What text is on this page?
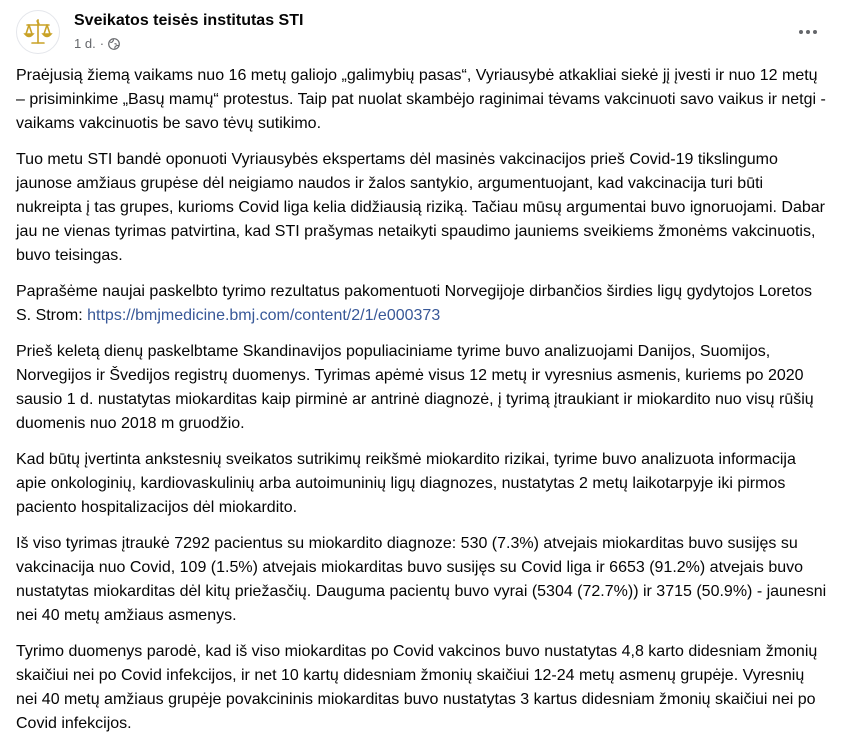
Sveikatos teisės institutas STI
1 d. ·

Praėjusią žiemą vaikams nuo 16 metų galiojo „galimybių pasas“, Vyriausybė atkakliai siekė jį įvesti ir nuo 12 metų – prisiminkime „Basų mamų“ protestus. Taip pat nuolat skambėjo raginimai tėvams vakcinuoti savo vaikus ir netgi - vaikams vakcinuotis be savo tėvų sutikimo.

Tuo metu STI bandė oponuoti Vyriausybės ekspertams dėl masinės vakcinacijos prieš Covid-19 tikslingumo jaunose amžiaus grupėse dėl neigiamo naudos ir žalos santykio, argumentuojant, kad vakcinacija turi būti nukreipta į tas grupes, kurioms Covid liga kelia didžiausią riziką. Tačiau mūsų argumentai buvo ignoruojami. Dabar jau ne vienas tyrimas patvirtina, kad STI prašymas netaikyti spaudimo jauniems sveikiems žmonėms vakcinuotis, buvo teisingas.

Paprašėme naujai paskelbto tyrimo rezultatus pakomentuoti Norvegijoje dirbančios širdies ligų gydytojos Loretos S. Strom: https://bmjmedicine.bmj.com/content/2/1/e000373

Prieš keletą dienų paskelbtame Skandinavijos populiaciniame tyrime buvo analizuojami Danijos, Suomijos, Norvegijos ir Švedijos registrų duomenys. Tyrimas apėmė visus 12 metų ir vyresnius asmenis, kuriems po 2020 sausio 1 d. nustatytas miokarditas kaip pirminė ar antrinė diagnozė, į tyrimą įtraukiant ir miokardito nuo visų rūšių duomenis nuo 2018 m gruodžio.

Kad būtų įvertinta ankstesnių sveikatos sutrikimų reikšmė miokardito rizikai, tyrime buvo analizuota informacija apie onkologinių, kardiovaskulinių arba autoimuninių ligų diagnozes, nustatytas 2 metų laikotarpyje iki pirmos paciento hospitalizacijos dėl miokardito.

Iš viso tyrimas įtraukė 7292 pacientus su miokardito diagnoze: 530 (7.3%) atvejais miokarditas buvo susijęs su vakcinacija nuo Covid, 109 (1.5%) atvejais miokarditas buvo susijęs su Covid liga ir 6653 (91.2%) atvejais buvo nustatytas miokarditas dėl kitų priežasčių. Dauguma pacientų buvo vyrai (5304 (72.7%)) ir 3715 (50.9%) - jaunesni nei 40 metų amžiaus asmenys.

Tyrimo duomenys parodė, kad iš viso miokarditas po Covid vakcinos buvo nustatytas 4,8 karto didesniam žmonių skaičiui nei po Covid infekcijos, ir net 10 kartų didesniam žmonių skaičiui 12-24 metų asmenų grupėje. Vyresnių nei 40 metų amžiaus grupėje povakcininis miokarditas buvo nustatytas 3 kartus didesniam žmonių skaičiui nei po Covid infekcijos.
